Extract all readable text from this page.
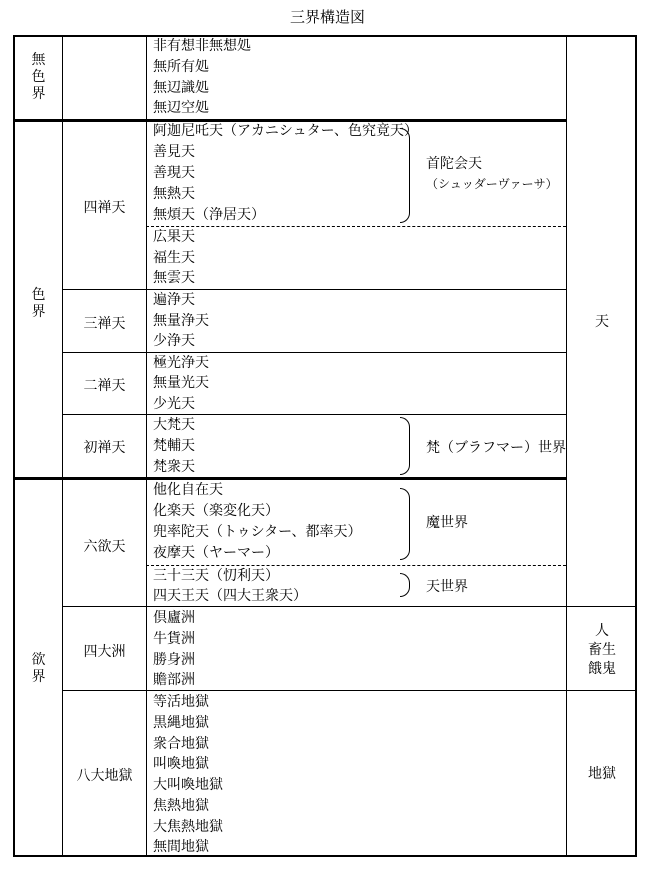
三界構造図
無
色
界
色
界
欲
界
四禅天
三禅天
二禅天
初禅天
六欲天
四大洲
八大地獄
非有想非無想処
無所有処
無辺識処
無辺空処
阿迦尼吒天（アカニシュター、色究竟天）
善見天
善現天
無熱天
無煩天（浄居天）
広果天
福生天
無雲天
遍浄天
無量浄天
少浄天
極光浄天
無量光天
少光天
大梵天
梵輔天
梵衆天
他化自在天
化楽天（楽変化天）
兜率陀天（トゥシター、都率天）
夜摩天（ヤーマー）
三十三天（忉利天）
四天王天（四大王衆天）
倶廬洲
牛貨洲
勝身洲
贍部洲
等活地獄
黒縄地獄
衆合地獄
叫喚地獄
大叫喚地獄
焦熱地獄
大焦熱地獄
無間地獄
首陀会天
（シュッダーヴァーサ）
梵（ブラフマー）世界
魔世界
天世界
天
人
畜生
餓鬼
地獄
